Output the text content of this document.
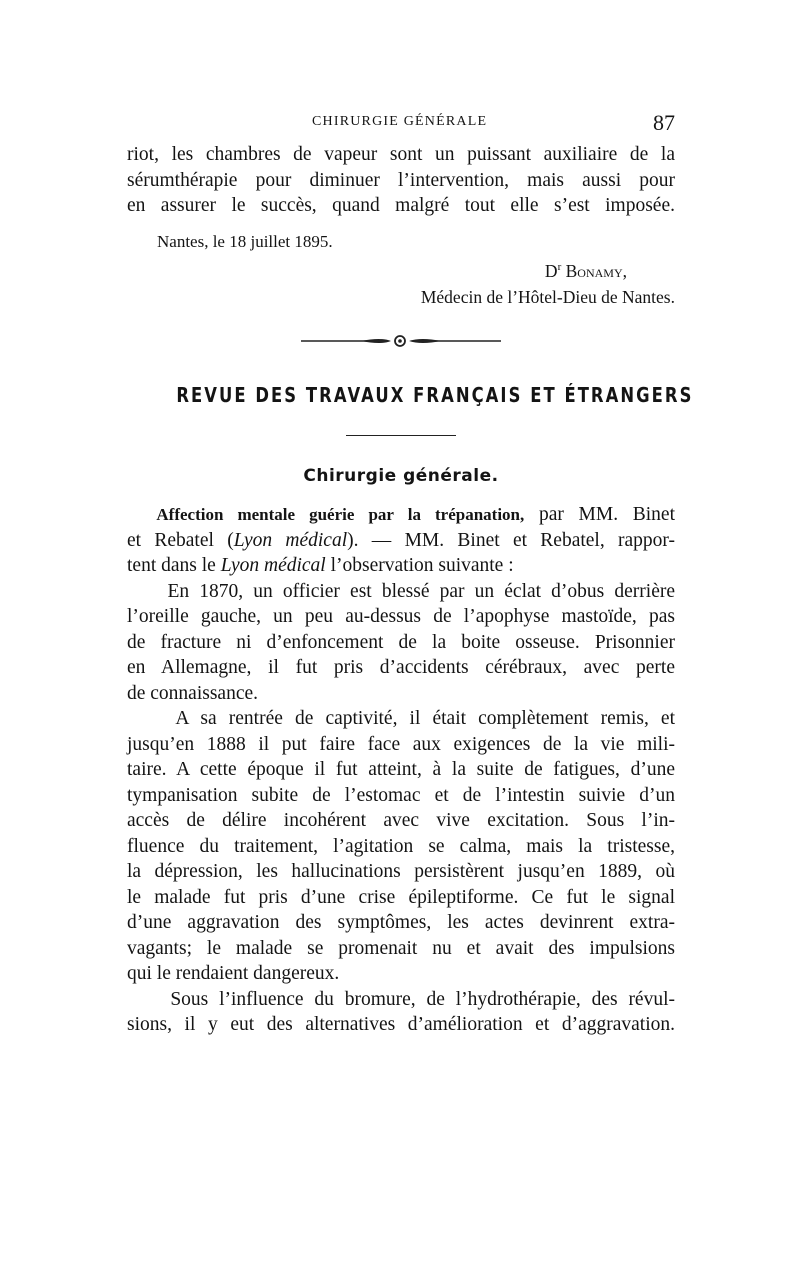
CHIRURGIE GÉNÉRALE	87

riot, les chambres de vapeur sont un puissant auxiliaire de la
sérumthérapie pour diminuer l’intervention, mais aussi pour
en assurer le succès, quand malgré tout elle s’est imposée.

Nantes, le 18 juillet 1895.
$D^r$ Bonamy,
Médecin de l’Hôtel-Dieu de Nantes.
REVUE DES TRAVAUX FRANÇAIS ET ÉTRANGERS
Chirurgie générale.

Affection mentale guérie par la trépanation, par MM. Binet
et Rebatel (Lyon médical). — MM. Binet et Rebatel, rappor-
tent dans le Lyon médical l’observation suivante :

En 1870, un officier est blessé par un éclat d’obus derrière
l’oreille gauche, un peu au-dessus de l’apophyse mastoïde, pas
de fracture ni d’enfoncement de la boite osseuse. Prisonnier
en Allemagne, il fut pris d’accidents cérébraux, avec perte
de connaissance.

A sa rentrée de captivité, il était complètement remis, et
jusqu’en 1888 il put faire face aux exigences de la vie mili-
taire. A cette époque il fut atteint, à la suite de fatigues, d’une
tympanisation subite de l’estomac et de l’intestin suivie d’un
accès de délire incohérent avec vive excitation. Sous l’in-
fluence du traitement, l’agitation se calma, mais la tristesse,
la dépression, les hallucinations persistèrent jusqu’en 1889, où
le malade fut pris d’une crise épileptiforme. Ce fut le signal
d’une aggravation des symptômes, les actes devinrent extra-
vagants; le malade se promenait nu et avait des impulsions
qui le rendaient dangereux.

Sous l’influence du bromure, de l’hydrothérapie, des révul-
sions, il y eut des alternatives d’amélioration et d’aggravation.
